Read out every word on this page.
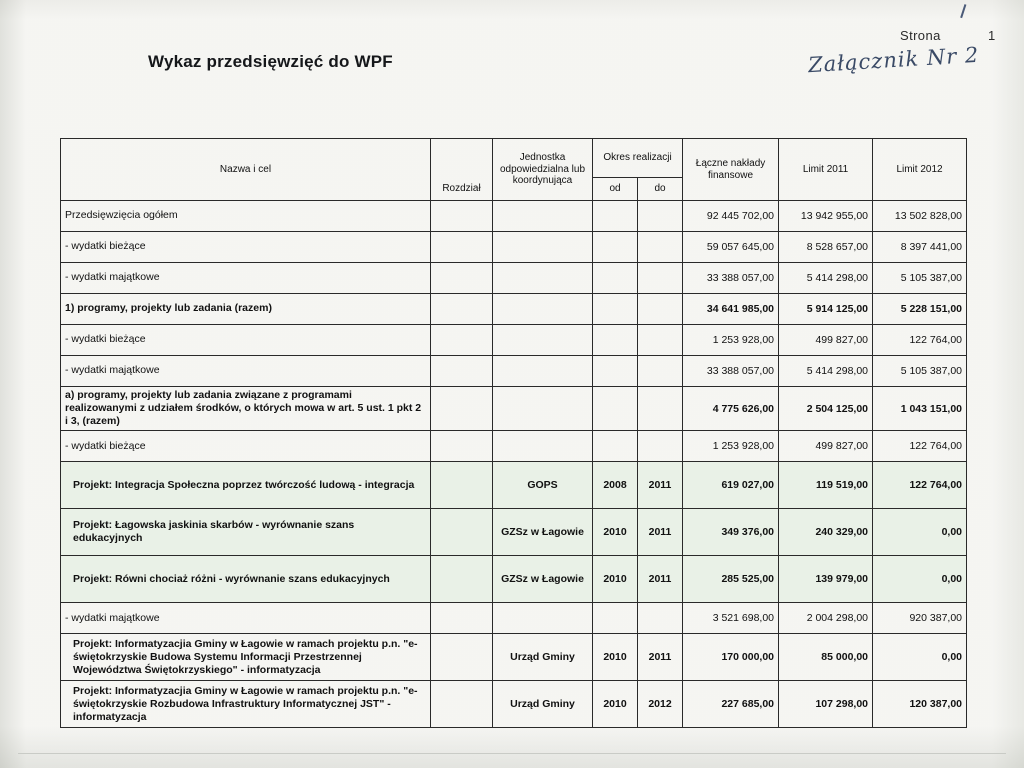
Strona	1
Wykaz przedsięwzięć do WPF	Załącznik Nr 2
Nazwa i cel		Jednostka odpowiedzialna lub koordynująca	Okres realizacji		Łączne nakłady finansowe	Limit 2011	Limit 2012
	Rozdział		od	do			
Przedsięwzięcia ogółem					92 445 702,00	13 942 955,00	13 502 828,00
- wydatki bieżące					59 057 645,00	8 528 657,00	8 397 441,00
- wydatki majątkowe					33 388 057,00	5 414 298,00	5 105 387,00
1) programy, projekty lub zadania (razem)					34 641 985,00	5 914 125,00	5 228 151,00
- wydatki bieżące					1 253 928,00	499 827,00	122 764,00
- wydatki majątkowe					33 388 057,00	5 414 298,00	5 105 387,00
a) programy, projekty lub zadania związane z programami realizowanymi z udziałem środków, o których mowa w art. 5 ust. 1 pkt 2 i 3, (razem)					4 775 626,00	2 504 125,00	1 043 151,00
- wydatki bieżące					1 253 928,00	499 827,00	122 764,00
Projekt: Integracja Społeczna poprzez twórczość ludową - integracja		GOPS	2008	2011	619 027,00	119 519,00	122 764,00
Projekt: Łagowska jaskinia skarbów - wyrównanie szans edukacyjnych		GZSz w Łagowie	2010	2011	349 376,00	240 329,00	0,00
Projekt: Równi chociaż różni - wyrównanie szans edukacyjnych		GZSz w Łagowie	2010	2011	285 525,00	139 979,00	0,00
- wydatki majątkowe					3 521 698,00	2 004 298,00	920 387,00
Projekt: Informatyzacjia Gminy w Łagowie w ramach projektu p.n. "e-świętokrzyskie Budowa Systemu Informacji Przestrzennej Województwa Świętokrzyskiego" - informatyzacja		Urząd Gminy	2010	2011	170 000,00	85 000,00	0,00
Projekt: Informatyzacjia Gminy w Łagowie w ramach projektu p.n. "e-świętokrzyskie Rozbudowa Infrastruktury Informatycznej JST" - informatyzacja		Urząd Gminy	2010	2012	227 685,00	107 298,00	120 387,00
